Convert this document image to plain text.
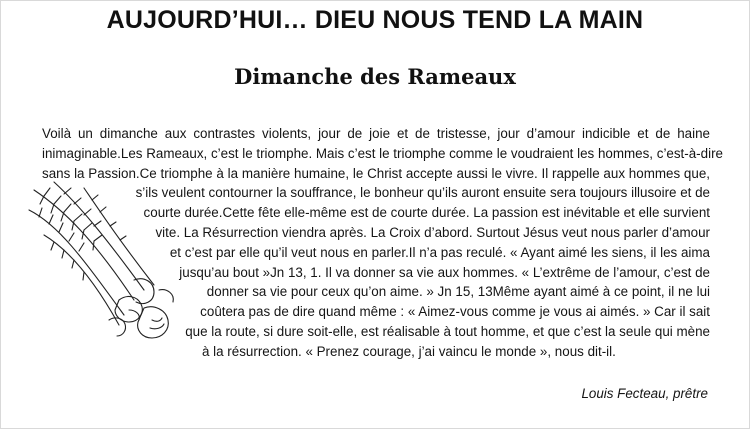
AUJOURD’HUI… DIEU NOUS TEND LA MAIN
Dimanche des Rameaux
Voilà un dimanche aux contrastes violents, jour de joie et de tristesse, jour d’amour indicible et de haine
inimaginable.Les Rameaux, c’est le triomphe. Mais c’est le triomphe comme le voudraient les hommes, c’est-à-dire
sans la Passion.Ce triomphe à la manière humaine, le Christ accepte aussi le vivre. Il rappelle aux hommes que,
s’ils veulent contourner la souffrance, le bonheur qu’ils auront ensuite sera toujours illusoire et de
courte durée.Cette fête elle-même est de courte durée. La passion est inévitable et elle survient
vite. La Résurrection viendra après. La Croix d’abord. Surtout Jésus veut nous parler d’amour
et c’est par elle qu’il veut nous en parler.Il n’a pas reculé. « Ayant aimé les siens, il les aima
jusqu’au bout »Jn 13, 1. Il va donner sa vie aux hommes. « L’extrême de l’amour, c’est de
donner sa vie pour ceux qu’on aime. » Jn 15, 13Même ayant aimé à ce point, il ne lui
coûtera pas de dire quand même : « Aimez-vous comme je vous ai aimés. » Car il sait
que la route, si dure soit-elle, est réalisable à tout homme, et que c’est la seule qui mène
à la résurrection. « Prenez courage, j’ai vaincu le monde », nous dit-il.
Louis Fecteau, prêtre
